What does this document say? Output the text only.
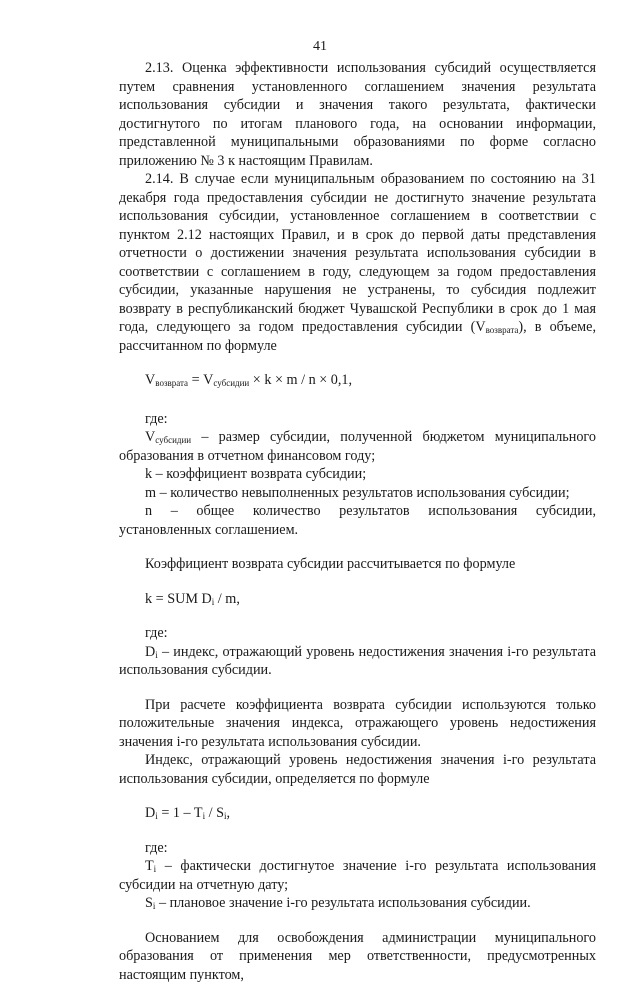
41

2.13. Оценка эффективности использования субсидий осуществляется путем сравнения установленного соглашением значения результата использования субсидии и значения такого результата, фактически достигнутого по итогам планового года, на основании информации, представленной муниципальными образованиями по форме согласно приложению № 3 к настоящим Правилам.

2.14. В случае если муниципальным образованием по состоянию на 31 декабря года предоставления субсидии не достигнуто значение результата использования субсидии, установленное соглашением в соответствии с пунктом 2.12 настоящих Правил, и в срок до первой даты представления отчетности о достижении значения результата использования субсидии в соответствии с соглашением в году, следующем за годом предоставления субсидии, указанные нарушения не устранены, то субсидия подлежит возврату в республиканский бюджет Чувашской Республики в срок до 1 мая года, следующего за годом предоставления субсидии $(V_{возврата})$, в объеме, рассчитанном по формуле

$V_{возврата} = V_{субсидии} \times k \times m / n \times 0,1$,

где:

$V_{субсидии}$ – размер субсидии, полученной бюджетом муниципального образования в отчетном финансовом году;

k – коэффициент возврата субсидии;

m – количество невыполненных результатов использования субсидии;

n – общее количество результатов использования субсидии, установленных соглашением.

Коэффициент возврата субсидии рассчитывается по формуле

k = SUM $D_i$ / m,

где:

$D_i$ – индекс, отражающий уровень недостижения значения i-го результата использования субсидии.

При расчете коэффициента возврата субсидии используются только положительные значения индекса, отражающего уровень недостижения значения i-го результата использования субсидии.

Индекс, отражающий уровень недостижения значения i-го результата использования субсидии, определяется по формуле

$D_i = 1 - T_i / S_i$,

где:

$T_i$ – фактически достигнутое значение i-го результата использования субсидии на отчетную дату;

$S_i$ – плановое значение i-го результата использования субсидии.

Основанием для освобождения администрации муниципального образования от применения мер ответственности, предусмотренных настоящим пунктом,
